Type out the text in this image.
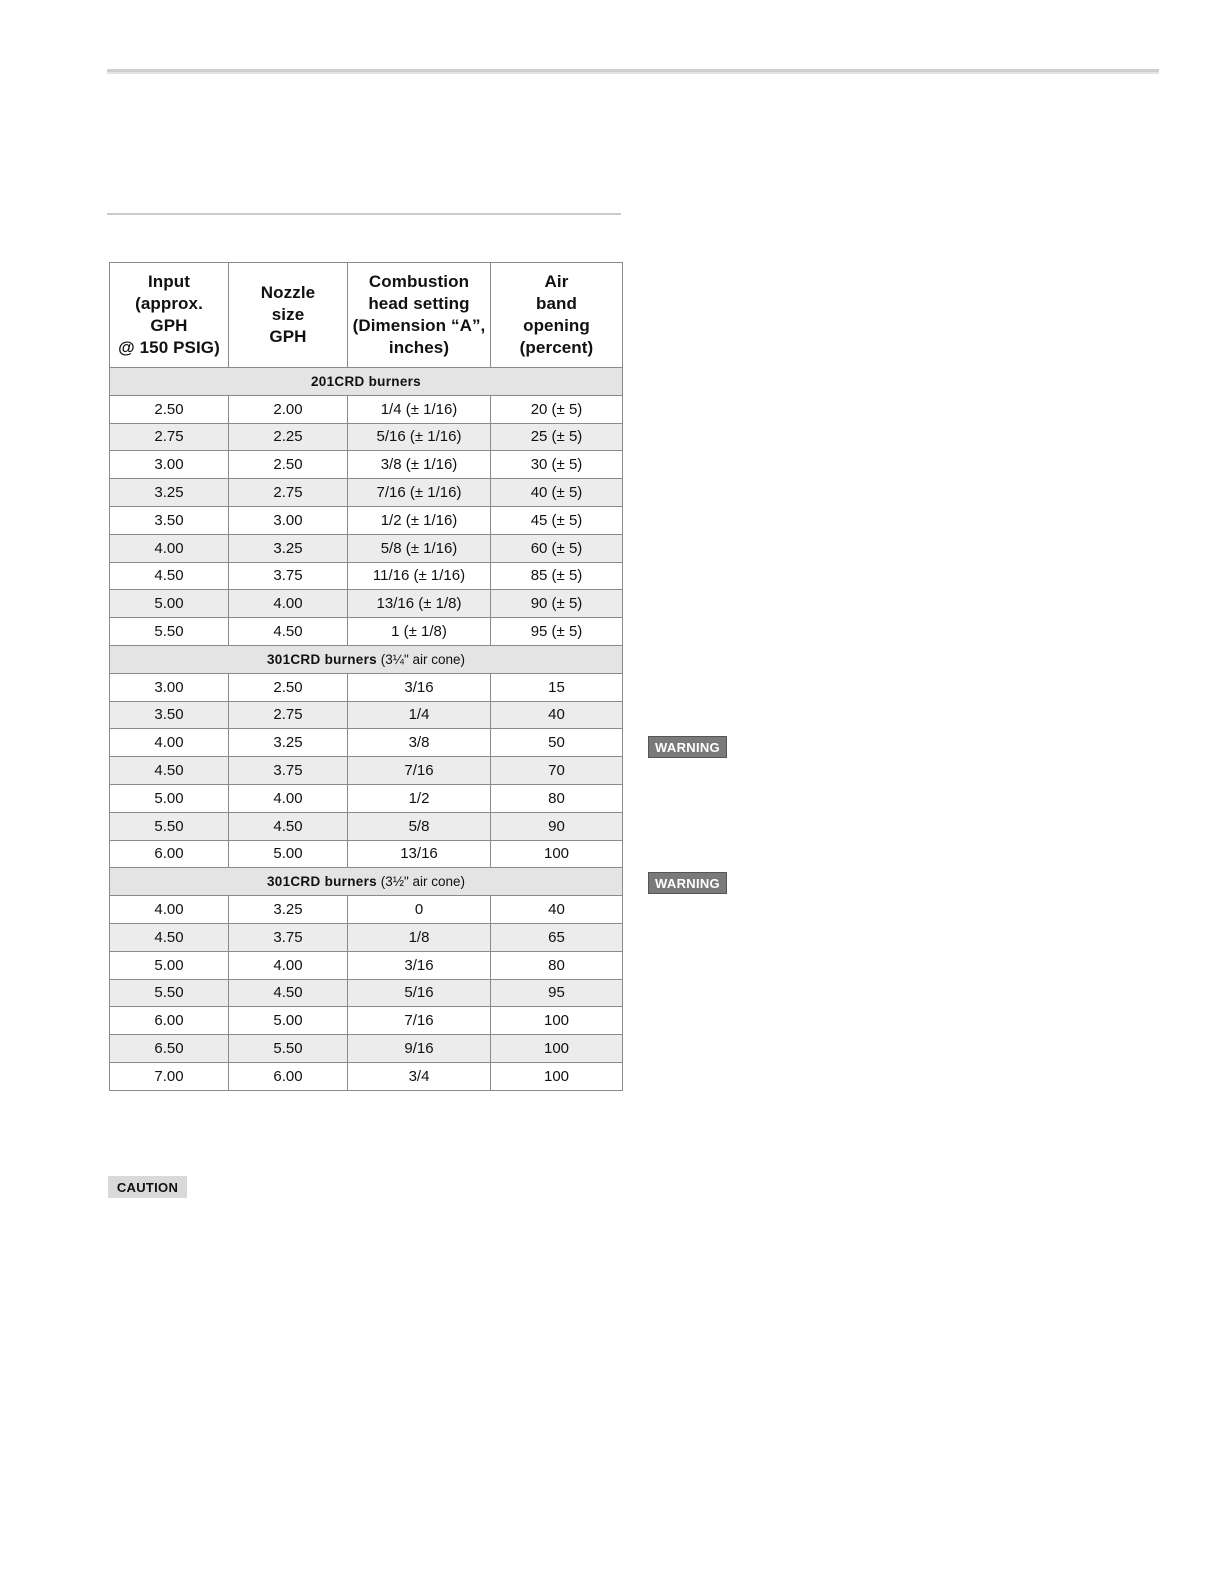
Input
(approx.
GPH
@ 150 PSIG)	Nozzle
size
GPH	Combustion
head setting
(Dimension “A”,
inches)	Air
band
opening
(percent)

201CRD burners			
2.50	2.00	1/4 (± 1/16)	20 (± 5)
2.75	2.25	5/16 (± 1/16)	25 (± 5)
3.00	2.50	3/8 (± 1/16)	30 (± 5)
3.25	2.75	7/16 (± 1/16)	40 (± 5)
3.50	3.00	1/2 (± 1/16)	45 (± 5)
4.00	3.25	5/8 (± 1/16)	60 (± 5)
4.50	3.75	11/16 (± 1/16)	85 (± 5)
5.00	4.00	13/16 (± 1/8)	90 (± 5)
5.50	4.50	1 (± 1/8)	95 (± 5)
301CRD burners (3¼" air cone)			
3.00	2.50	3/16	15
3.50	2.75	1/4	40
4.00	3.25	3/8	50
4.50	3.75	7/16	70
5.00	4.00	1/2	80
5.50	4.50	5/8	90
6.00	5.00	13/16	100
301CRD burners (3½" air cone)			
4.00	3.25	0	40
4.50	3.75	1/8	65
5.00	4.00	3/16	80
5.50	4.50	5/16	95
6.00	5.00	7/16	100
6.50	5.50	9/16	100
7.00	6.00	3/4	100
WARNING
WARNING
CAUTION
